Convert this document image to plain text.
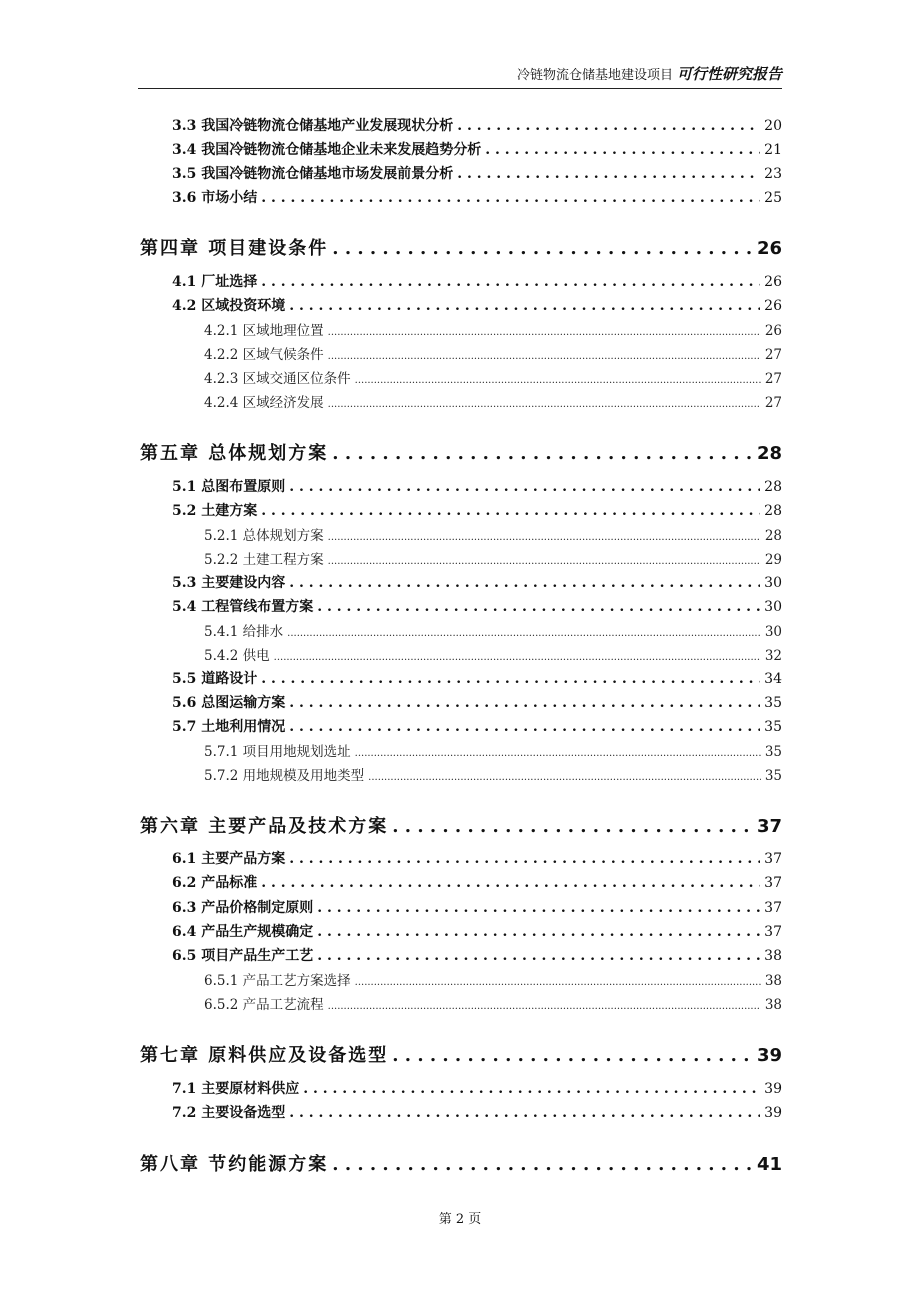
冷链物流仓储基地建设项目 可行性研究报告
3.3 我国冷链物流仓储基地产业发展现状分析 . . .	20
3.4 我国冷链物流仓储基地企业未来发展趋势分析 . . .	21
3.5 我国冷链物流仓储基地市场发展前景分析 . . .	23
3.6 市场小结 . . .	25
第四章 项目建设条件 . . .	26
4.1 厂址选择 . . .	26
4.2 区域投资环境 . . .	26
4.2.1 区域地理位置 .....	26
4.2.2 区域气候条件 .....	27
4.2.3 区域交通区位条件 .....	27
4.2.4 区域经济发展 .....	27
第五章 总体规划方案 . . .	28
5.1 总图布置原则 . . .	28
5.2 土建方案 . . .	28
5.2.1 总体规划方案 .....	28
5.2.2 土建工程方案 .....	29
5.3 主要建设内容 . . .	30
5.4 工程管线布置方案 . . .	30
5.4.1 给排水 .....	30
5.4.2 供电 .....	32
5.5 道路设计 . . .	34
5.6 总图运输方案 . . .	35
5.7 土地利用情况 . . .	35
5.7.1 项目用地规划选址 .....	35
5.7.2 用地规模及用地类型 .....	35
第六章 主要产品及技术方案 . . .	37
6.1 主要产品方案 . . .	37
6.2 产品标准 . . .	37
6.3 产品价格制定原则 . . .	37
6.4 产品生产规模确定 . . .	37
6.5 项目产品生产工艺 . . .	38
6.5.1 产品工艺方案选择 .....	38
6.5.2 产品工艺流程 .....	38
第七章 原料供应及设备选型 . . .	39
7.1 主要原材料供应 . . .	39
7.2 主要设备选型 . . .	39
第八章 节约能源方案 . . .	41
第 2 页
